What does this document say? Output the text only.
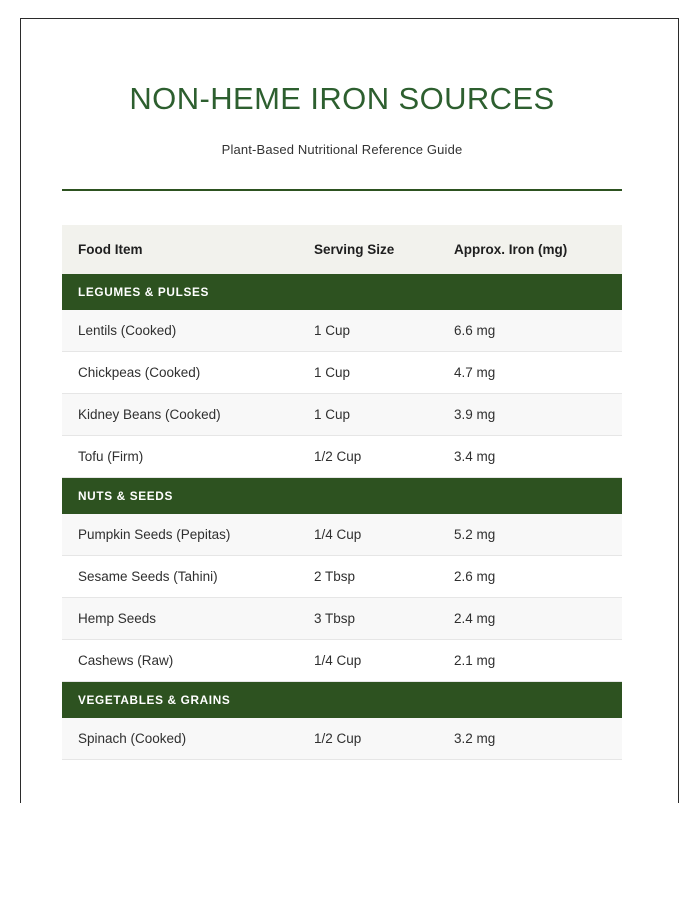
NON-HEME IRON SOURCES

Plant-Based Nutritional Reference Guide

Food Item	Serving Size	Approx. Iron (mg)
LEGUMES & PULSES		
Lentils (Cooked)	1 Cup	6.6 mg
Chickpeas (Cooked)	1 Cup	4.7 mg
Kidney Beans (Cooked)	1 Cup	3.9 mg
Tofu (Firm)	1/2 Cup	3.4 mg
NUTS & SEEDS		
Pumpkin Seeds (Pepitas)	1/4 Cup	5.2 mg
Sesame Seeds (Tahini)	2 Tbsp	2.6 mg
Hemp Seeds	3 Tbsp	2.4 mg
Cashews (Raw)	1/4 Cup	2.1 mg
VEGETABLES & GRAINS		
Spinach (Cooked)	1/2 Cup	3.2 mg
